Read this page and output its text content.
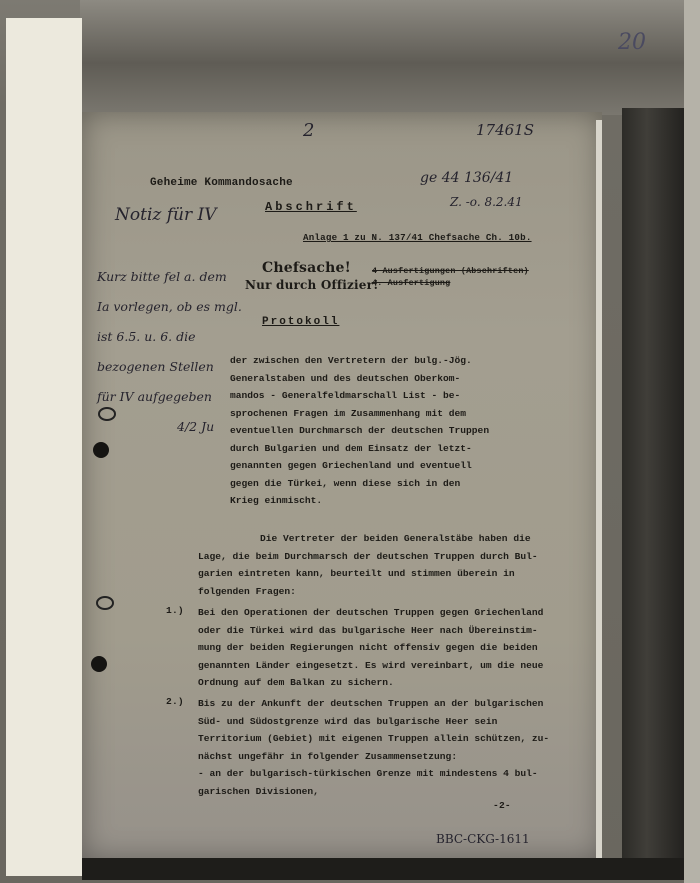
20
2	17461S
ge 44 136/41
Z. -o. 8.2.41
Notiz für IV
Kurz bitte fel a. dem
Ia vorlegen, ob es mgl.
ist 6.5. u. 6. die
bezogenen Stellen
für IV aufgegeben
4/2 Ju
Geheime Kommandosache
Abschrift
Anlage 1 zu N. 137/41 Chefsache Ch. 10b.
Chefsache!
Nur durch Offizier!
4 Ausfertigungen (Abschriften)
4. Ausfertigung
Protokoll
der zwischen den Vertretern der bulg.-Jög.
Generalstaben und des deutschen Oberkom-
mandos - Generalfeldmarschall List - be-
sprochenen Fragen im Zusammenhang mit dem
eventuellen Durchmarsch der deutschen Truppen
durch Bulgarien und dem Einsatz der letzt-
genannten gegen Griechenland und eventuell
gegen die Türkei, wenn diese sich in den
Krieg einmischt.
Die Vertreter der beiden Generalstäbe haben die
Lage, die beim Durchmarsch der deutschen Truppen durch Bul-
garien eintreten kann, beurteilt und stimmen überein in
folgenden Fragen:
1.) Bei den Operationen der deutschen Truppen gegen Griechenland
oder die Türkei wird das bulgarische Heer nach Übereinstim-
mung der beiden Regierungen nicht offensiv gegen die beiden
genannten Länder eingesetzt. Es wird vereinbart, um die neue
Ordnung auf dem Balkan zu sichern.
2.) Bis zu der Ankunft der deutschen Truppen an der bulgarischen
Süd- und Südostgrenze wird das bulgarische Heer sein
Territorium (Gebiet) mit eigenen Truppen allein schützen, zu-
nächst ungefähr in folgender Zusammensetzung:
- an der bulgarisch-türkischen Grenze mit mindestens 4 bul-
garischen Divisionen,
-2-
BBC-CKG-1611
